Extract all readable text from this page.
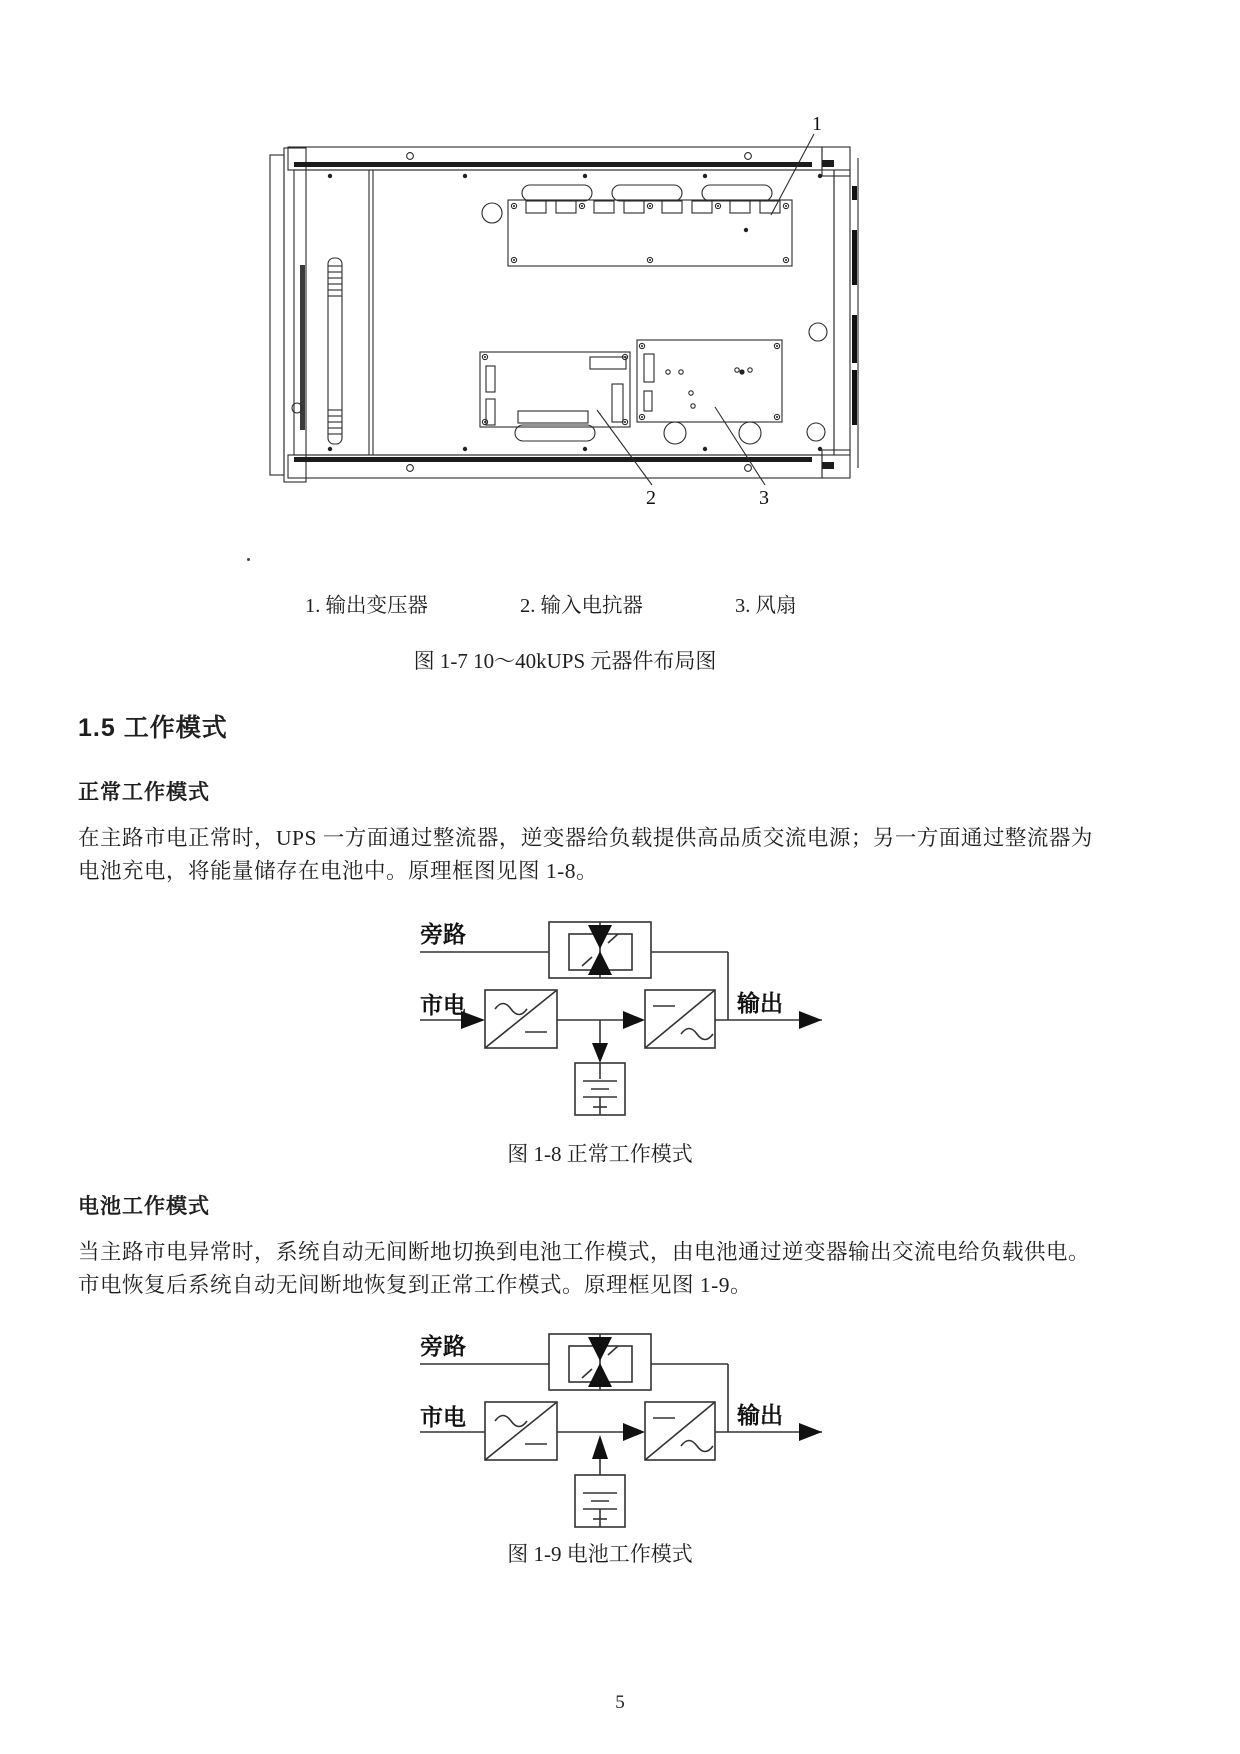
1
2	3
1. 输出变压器	2. 输入电抗器	3. 风扇
图 1-7 10～40kUPS 元器件布局图
1.5 工作模式
正常工作模式
在主路市电正常时，UPS 一方面通过整流器，逆变器给负载提供高品质交流电源；另一方面通过整流器为
电池充电，将能量储存在电池中。原理框图见图 1-8。
旁路
市电	输出
图 1-8 正常工作模式
电池工作模式
当主路市电异常时，系统自动无间断地切换到电池工作模式，由电池通过逆变器输出交流电给负载供电。
市电恢复后系统自动无间断地恢复到正常工作模式。原理框见图 1-9。
旁路
市电	输出
图 1-9 电池工作模式
5
